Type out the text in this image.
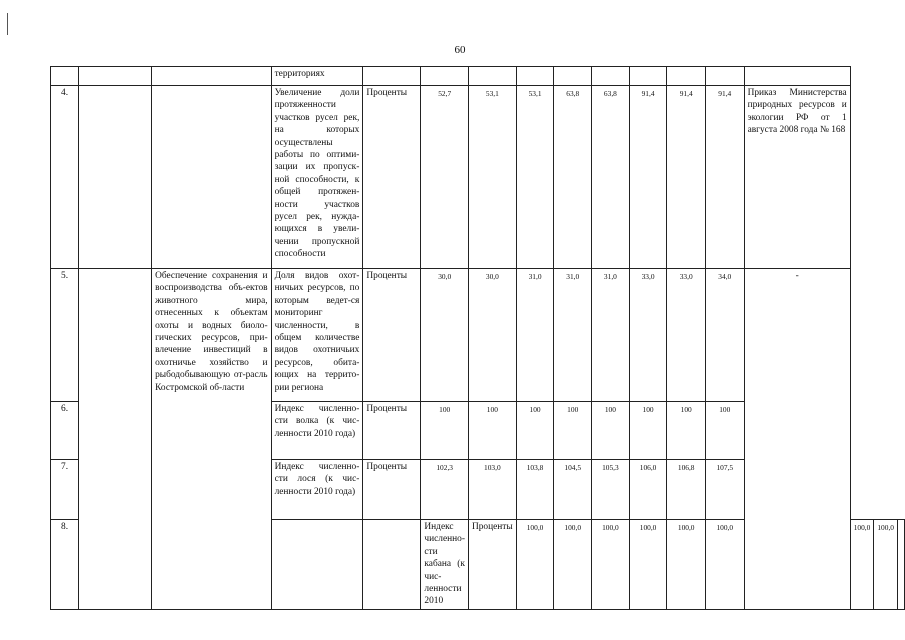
60
			территориях													
4.			Увеличение доли протяженности участков русел рек, на которых осуществлены работы по оптими-зации их пропуск-ной способности, к общей протяжен-ности участков русел рек, нужда-ющихся в увели-чении пропускной способности	Проценты	52,7	53,1	53,1	63,8	63,8	91,4	91,4	91,4	Приказ Министерства природных ресурсов и экологии РФ от 1 августа 2008 года № 168			
5.		Обеспечение сохранения и воспроизводства объ-ектов животного мира, отнесенных к объектам охоты и водных биоло-гических ресурсов, при-влечение инвестиций в охотничье хозяйство и рыбодобывающую от-расль Костромской об-ласти	Доля видов охот-ничьих ресурсов, по которым ведет-ся мониторинг численности, в общем количестве видов охотничьих ресурсов, обита-ющих на террито-рии региона	Проценты	30,0	30,0	31,0	31,0	31,0	33,0	33,0	34,0	-			
6.			Индекс численно-сти волка (к чис-ленности 2010 года)	Проценты	100	100	100	100	100	100	100	100				
7.			Индекс численно-сти лося (к чис-ленности 2010 года)	Проценты	102,3	103,0	103,8	104,5	105,3	106,0	106,8	107,5				
8.					Индекс численно-сти кабана (к чис-ленности 2010	Проценты	100,0	100,0	100,0	100,0	100,0	100,0		100,0	100,0	
